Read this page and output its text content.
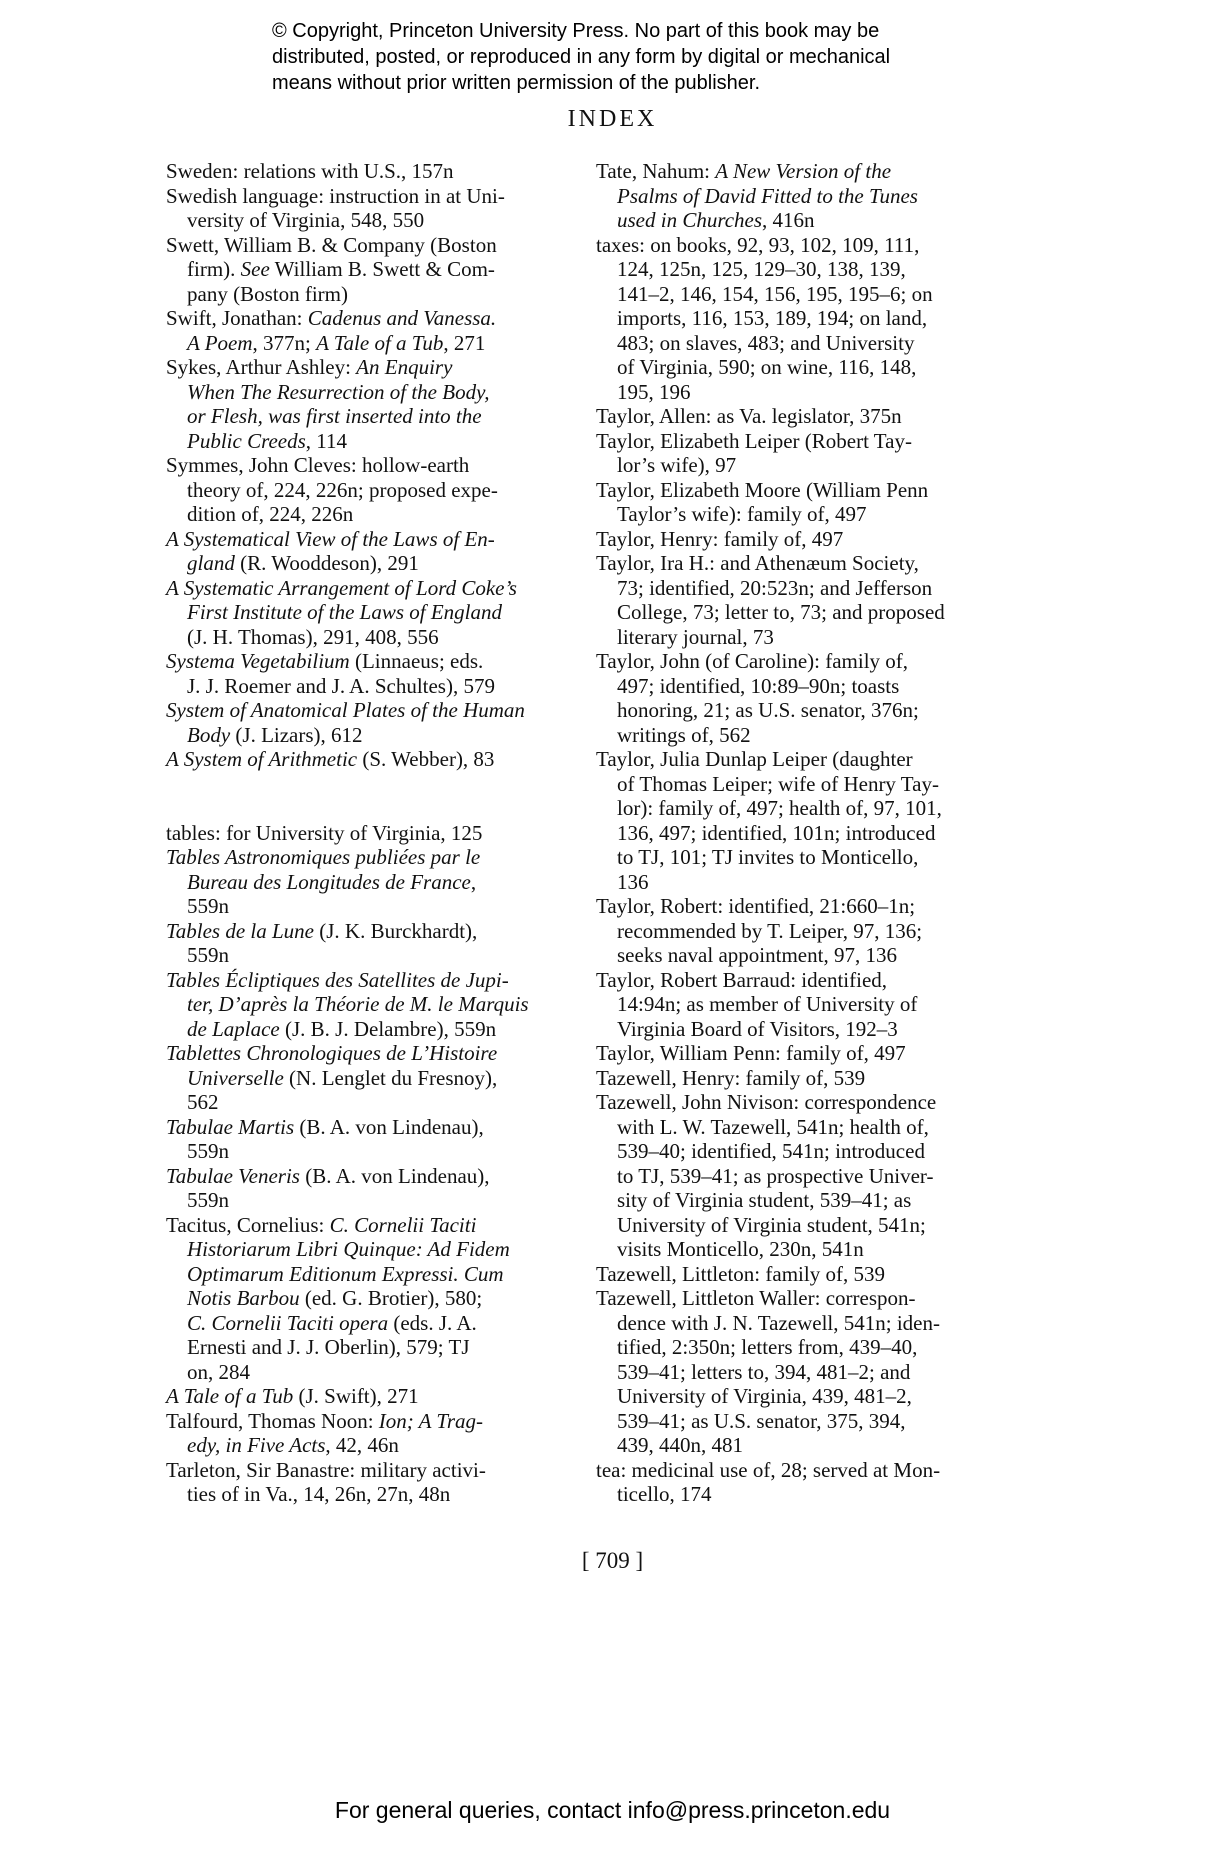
© Copyright, Princeton University Press. No part of this book may be
distributed, posted, or reproduced in any form by digital or mechanical
means without prior written permission of the publisher.
INDEX
Sweden: relations with U.S., 157n
Swedish language: instruction in at Uni-
versity of Virginia, 548, 550
Swett, William B. & Company (Boston
firm). See William B. Swett & Com-
pany (Boston firm)
Swift, Jonathan: Cadenus and Vanessa.
A Poem, 377n; A Tale of a Tub, 271
Sykes, Arthur Ashley: An Enquiry
When The Resurrection of the Body,
or Flesh, was first inserted into the
Public Creeds, 114
Symmes, John Cleves: hollow-earth
theory of, 224, 226n; proposed expe-
dition of, 224, 226n
A Systematical View of the Laws of En-
gland (R. Wooddeson), 291
A Systematic Arrangement of Lord Coke’s
First Institute of the Laws of England
(J. H. Thomas), 291, 408, 556
Systema Vegetabilium (Linnaeus; eds.
J. J. Roemer and J. A. Schultes), 579
System of Anatomical Plates of the Human
Body (J. Lizars), 612
A System of Arithmetic (S. Webber), 83
tables: for University of Virginia, 125
Tables Astronomiques publiées par le
Bureau des Longitudes de France,
559n
Tables de la Lune (J. K. Burckhardt),
559n
Tables Écliptiques des Satellites de Jupi-
ter, D’après la Théorie de M. le Marquis
de Laplace (J. B. J. Delambre), 559n
Tablettes Chronologiques de L’Histoire
Universelle (N. Lenglet du Fresnoy),
562
Tabulae Martis (B. A. von Lindenau),
559n
Tabulae Veneris (B. A. von Lindenau),
559n
Tacitus, Cornelius: C. Cornelii Taciti
Historiarum Libri Quinque: Ad Fidem
Optimarum Editionum Expressi. Cum
Notis Barbou (ed. G. Brotier), 580;
C. Cornelii Taciti opera (eds. J. A.
Ernesti and J. J. Oberlin), 579; TJ
on, 284
A Tale of a Tub (J. Swift), 271
Talfourd, Thomas Noon: Ion; A Trag-
edy, in Five Acts, 42, 46n
Tarleton, Sir Banastre: military activi-
ties of in Va., 14, 26n, 27n, 48n
Tate, Nahum: A New Version of the
Psalms of David Fitted to the Tunes
used in Churches, 416n
taxes: on books, 92, 93, 102, 109, 111,
124, 125n, 125, 129–30, 138, 139,
141–2, 146, 154, 156, 195, 195–6; on
imports, 116, 153, 189, 194; on land,
483; on slaves, 483; and University
of Virginia, 590; on wine, 116, 148,
195, 196
Taylor, Allen: as Va. legislator, 375n
Taylor, Elizabeth Leiper (Robert Tay-
lor’s wife), 97
Taylor, Elizabeth Moore (William Penn
Taylor’s wife): family of, 497
Taylor, Henry: family of, 497
Taylor, Ira H.: and Athenæum Society,
73; identified, 20:523n; and Jefferson
College, 73; letter to, 73; and proposed
literary journal, 73
Taylor, John (of Caroline): family of,
497; identified, 10:89–90n; toasts
honoring, 21; as U.S. senator, 376n;
writings of, 562
Taylor, Julia Dunlap Leiper (daughter
of Thomas Leiper; wife of Henry Tay-
lor): family of, 497; health of, 97, 101,
136, 497; identified, 101n; introduced
to TJ, 101; TJ invites to Monticello,
136
Taylor, Robert: identified, 21:660–1n;
recommended by T. Leiper, 97, 136;
seeks naval appointment, 97, 136
Taylor, Robert Barraud: identified,
14:94n; as member of University of
Virginia Board of Visitors, 192–3
Taylor, William Penn: family of, 497
Tazewell, Henry: family of, 539
Tazewell, John Nivison: correspondence
with L. W. Tazewell, 541n; health of,
539–40; identified, 541n; introduced
to TJ, 539–41; as prospective Univer-
sity of Virginia student, 539–41; as
University of Virginia student, 541n;
visits Monticello, 230n, 541n
Tazewell, Littleton: family of, 539
Tazewell, Littleton Waller: correspon-
dence with J. N. Tazewell, 541n; iden-
tified, 2:350n; letters from, 439–40,
539–41; letters to, 394, 481–2; and
University of Virginia, 439, 481–2,
539–41; as U.S. senator, 375, 394,
439, 440n, 481
tea: medicinal use of, 28; served at Mon-
ticello, 174
[ 709 ]
For general queries, contact info@press.princeton.edu
